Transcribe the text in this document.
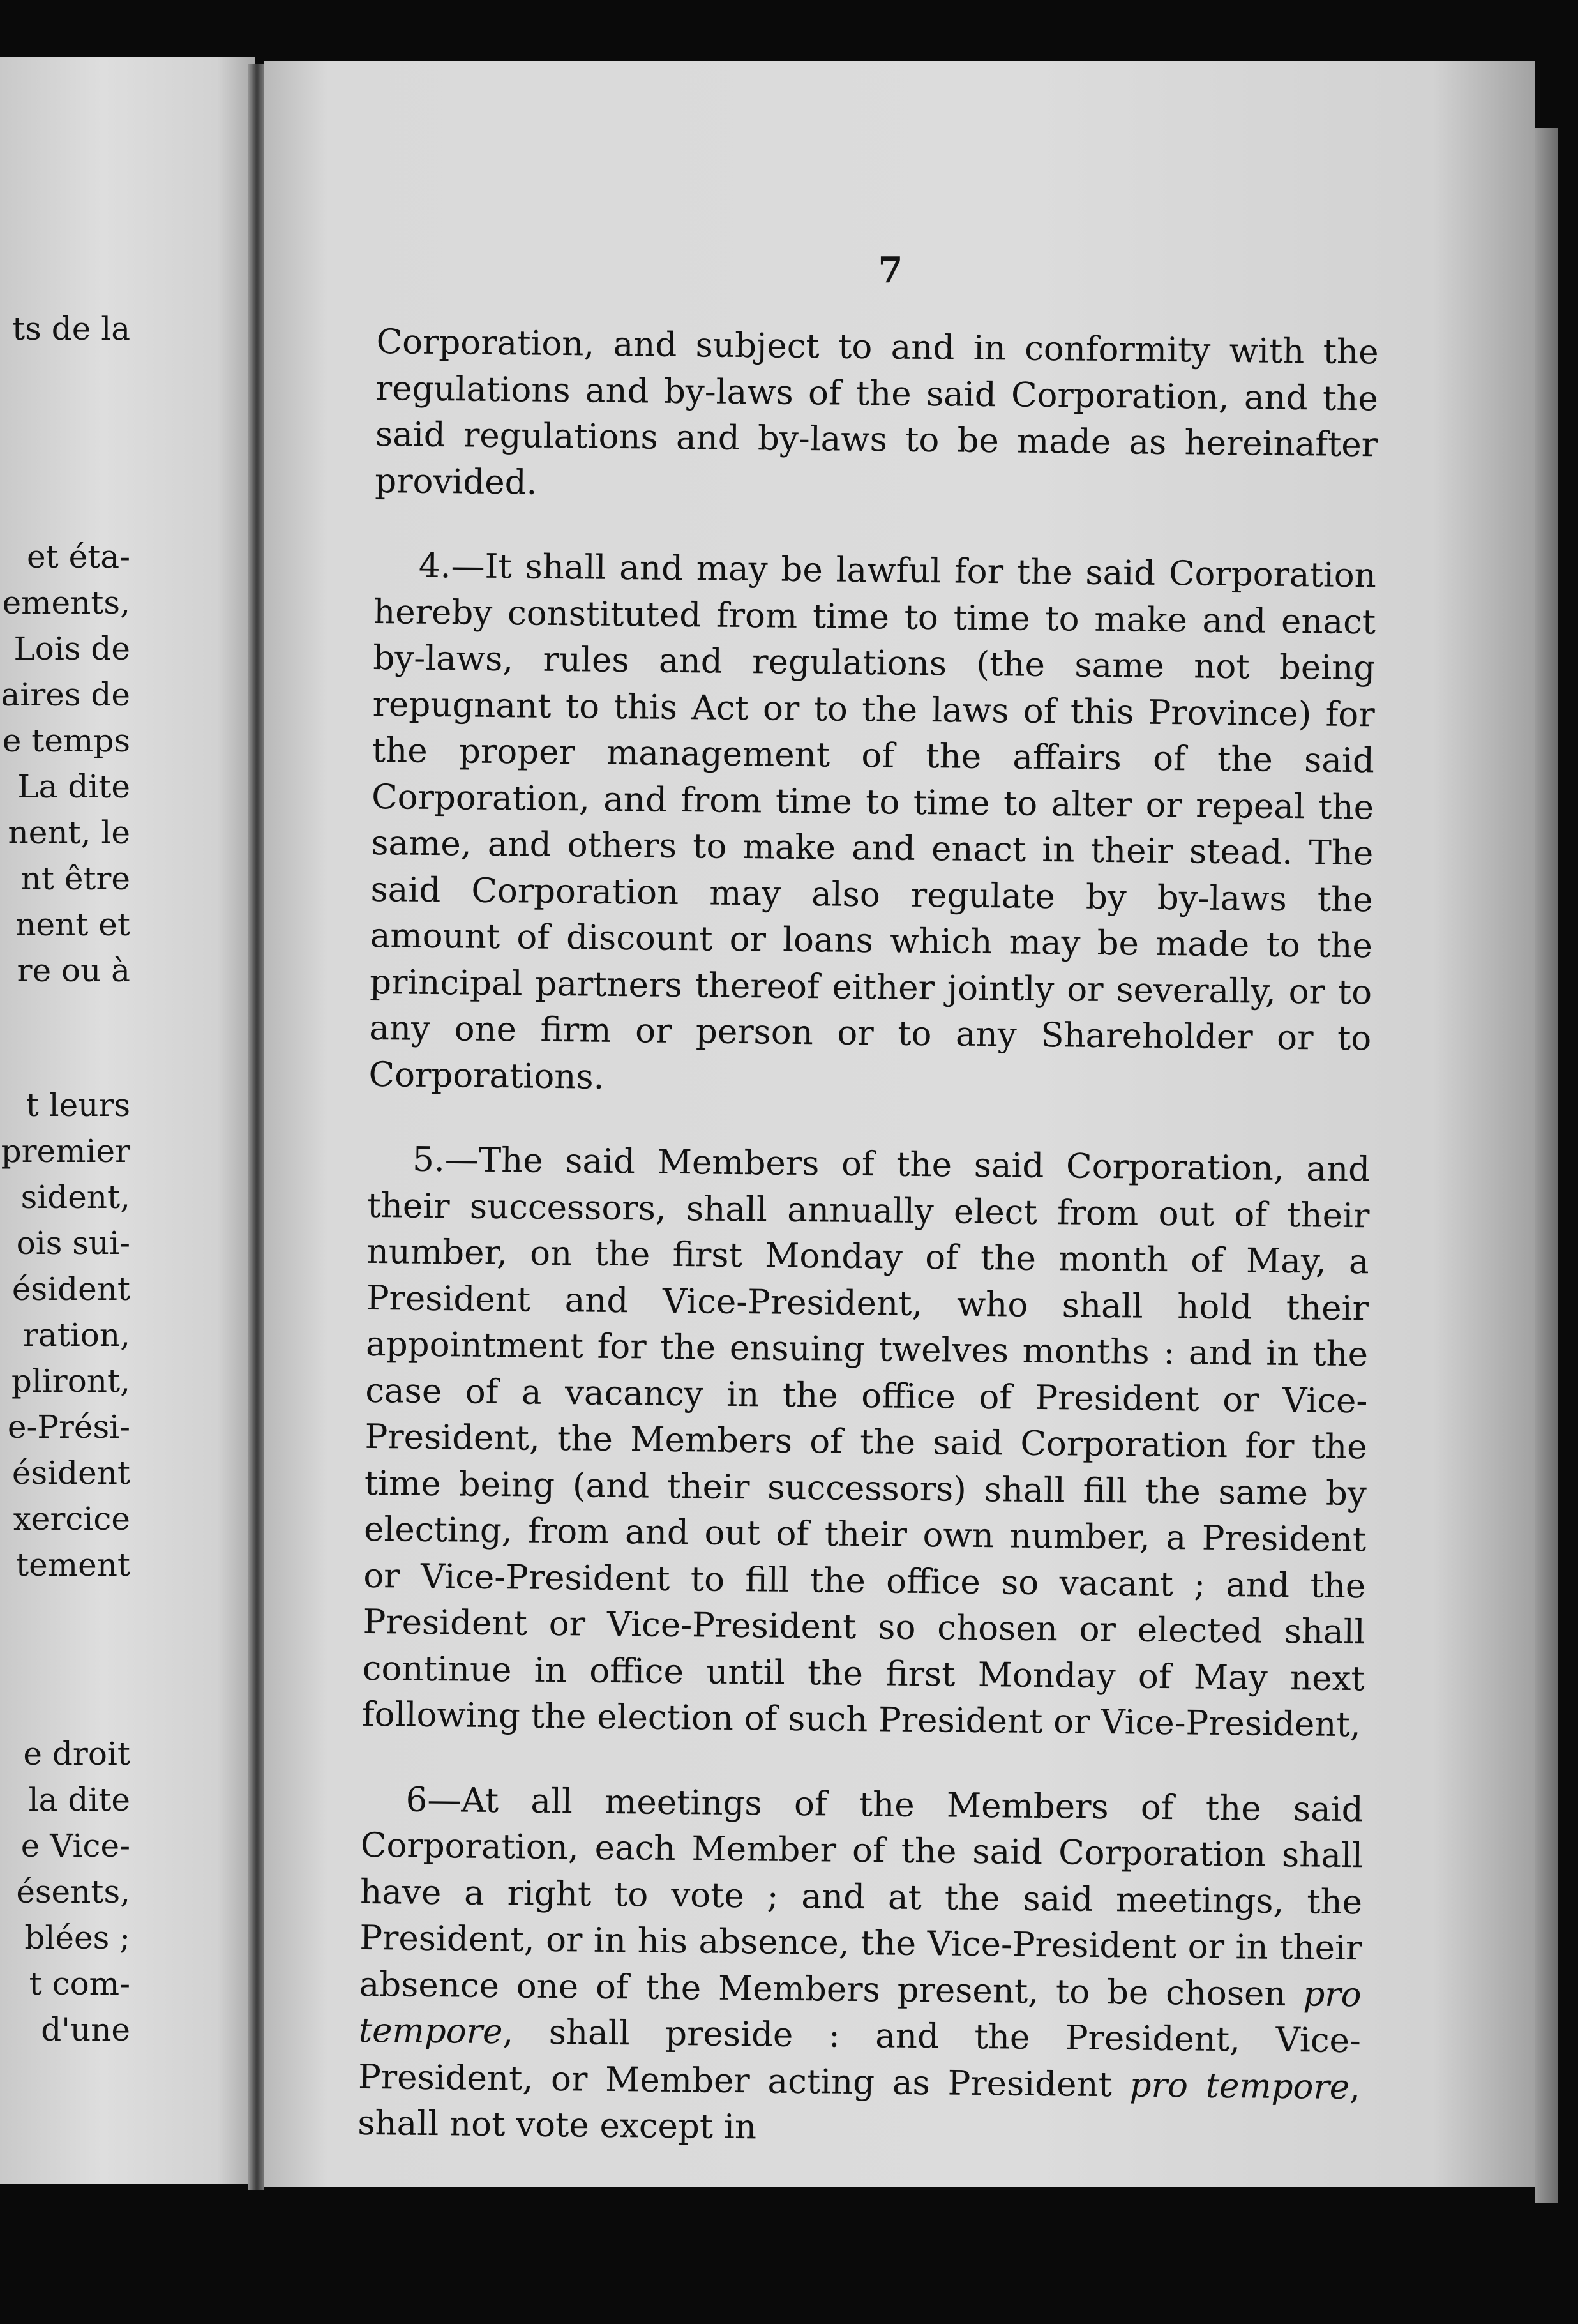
ts de la
et éta-
ements,
Lois de
aires de
e temps
La dite
nent, le
nt être
nent et
re ou à
t leurs
premier
sident,
ois sui-
ésident
ration,
pliront,
e-Prési-
ésident
xercice
tement
e droit
la dite
e Vice-
ésents,
blées ;
t com-
d'une
7

Corporation, and subject to and in conformity with the regulations and by-laws of the said Corporation, and the said regulations and by-laws to be made as hereinafter provided.

4.—It shall and may be lawful for the said Corporation hereby constituted from time to time to make and enact by-laws, rules and regulations (the same not being repugnant to this Act or to the laws of this Province) for the proper management of the affairs of the said Corporation, and from time to time to alter or repeal the same, and others to make and enact in their stead. The said Corporation may also regulate by by-laws the amount of discount or loans which may be made to the principal partners thereof either jointly or severally, or to any one firm or person or to any Shareholder or to Corporations.

5.—The said Members of the said Corporation, and their successors, shall annually elect from out of their number, on the first Monday of the month of May, a President and Vice-President, who shall hold their appointment for the ensuing twelves months : and in the case of a vacancy in the office of President or Vice-President, the Members of the said Corporation for the time being (and their successors) shall fill the same by electing, from and out of their own number, a President or Vice-President to fill the office so vacant ; and the President or Vice-President so chosen or elected shall continue in office until the first Monday of May next following the election of such President or Vice-President,

6—At all meetings of the Members of the said Corporation, each Member of the said Corporation shall have a right to vote ; and at the said meetings, the President, or in his absence, the Vice-President or in their absence one of the Members present, to be chosen pro tempore, shall preside : and the President, Vice-President, or Member acting as President pro tempore, shall not vote except in
